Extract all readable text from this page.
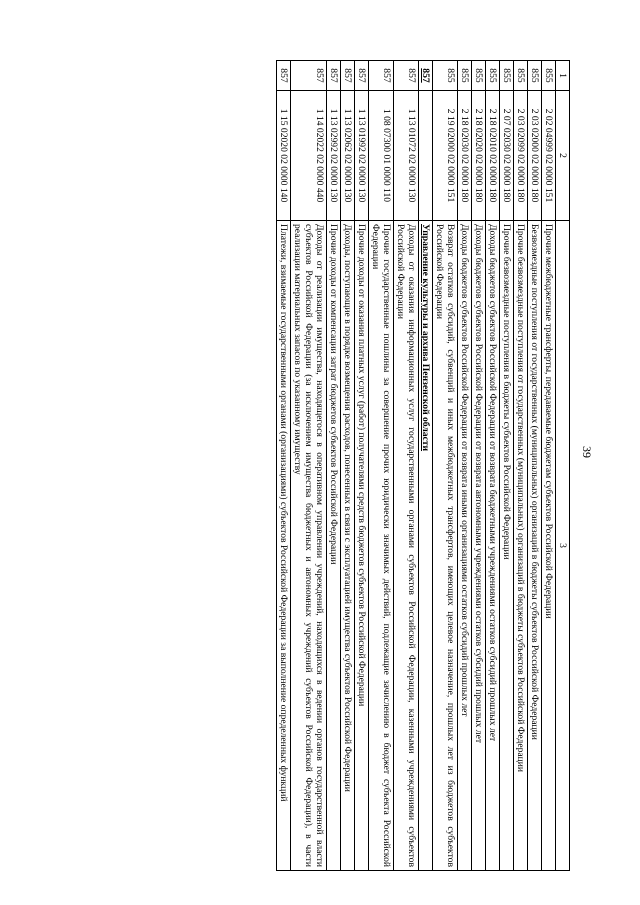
39
1	2	3
855	2 02 04999 02 0000 151	Прочие межбюджетные трансферты, передаваемые бюджетам субъектов Российской Федерации
855	2 03 02000 02 0000 180	Безвозмездные поступления от государственных (муниципальных) организаций в бюджеты субъектов Российской Федерации
855	2 03 02099 02 0000 180	Прочие безвозмездные поступления от государственных (муниципальных) организаций в бюджеты субъектов Российской Федерации
855	2 07 02030 02 0000 180	Прочие безвозмездные поступления в бюджеты субъектов Российской Федерации
855	2 18 02010 02 0000 180	Доходы бюджетов субъектов Российской Федерации от возврата бюджетными учреждениями остатков субсидий прошлых лет
855	2 18 02020 02 0000 180	Доходы бюджетов субъектов Российской Федерации от возврата автономными учреждениями остатков субсидий прошлых лет
855	2 18 02030 02 0000 180	Доходы бюджетов субъектов Российской Федерации от возврата иными организациями остатков субсидий прошлых лет
855	2 19 02000 02 0000 151	Возврат остатков субсидий, субвенций и иных межбюджетных трансфертов, имеющих целевое назначение, прошлых лет из бюджетов субъектов Российской Федерации
857		Управление культуры и архива Пензенской области
857	1 13 01072 02 0000 130	Доходы от оказания информационных услуг государственными органами субъектов Российской Федерации, казенными учреждениями субъектов Российской Федерации
857	1 08 07300 01 0000 110	Прочие государственные пошлины за совершение прочих юридически значимых действий, подлежащие зачислению в бюджет субъекта Российской Федерации
857	1 13 01992 02 0000 130	Прочие доходы от оказания платных услуг (работ) получателями средств бюджетов субъектов Российской Федерации
857	1 13 02062 02 0000 130	Доходы, поступающие в порядке возмещения расходов, понесенных в связи с эксплуатацией имущества субъектов Российской Федерации
857	1 13 02992 02 0000 130	Прочие доходы от компенсации затрат бюджетов субъектов Российской Федерации
857	1 14 02022 02 0000 440	Доходы от реализации имущества, находящегося в оперативном управлении учреждений, находящихся в ведении органов государственной власти субъектов Российской Федерации (за исключением имущества бюджетных и автономных учреждений субъектов Российской Федерации), в части реализации материальных запасов по указанному имуществу
857	1 15 02020 02 0000 140	Платежи, взимаемые государственными органами (организациями) субъектов Российской Федерации за выполнение определенных функций
